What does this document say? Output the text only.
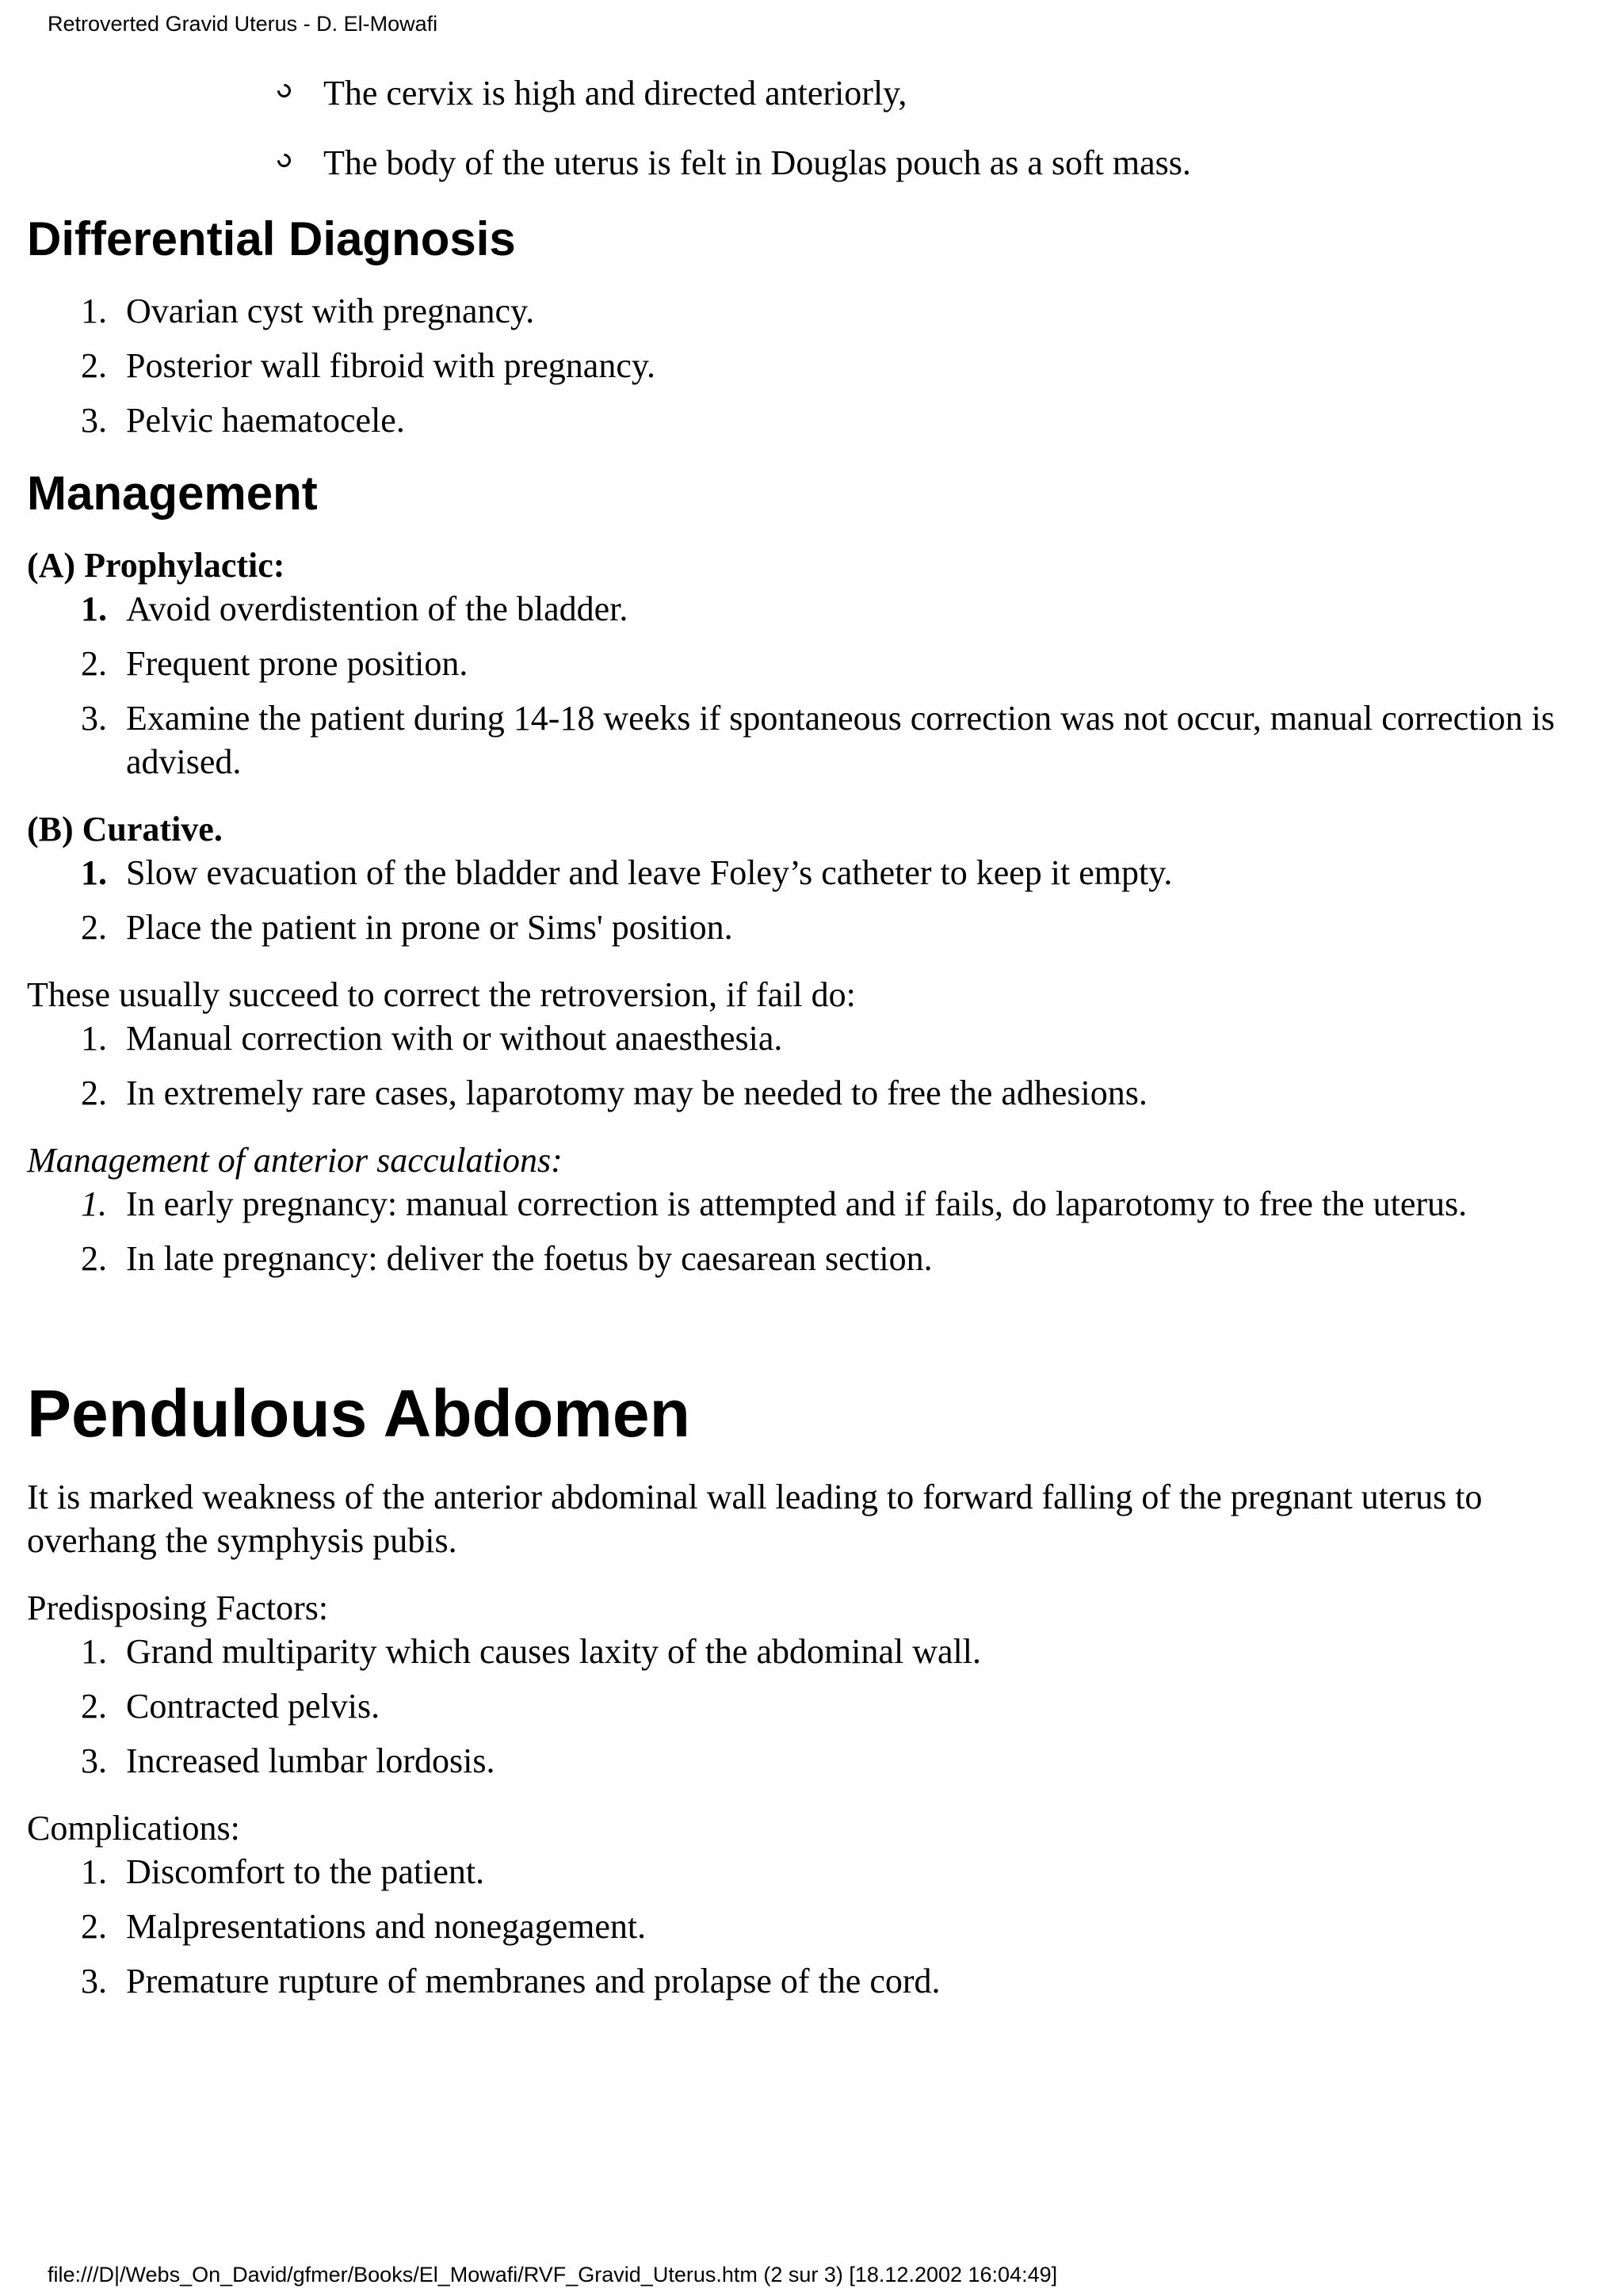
Retroverted Gravid Uterus - D. El-Mowafi
The cervix is high and directed anteriorly,
The body of the uterus is felt in Douglas pouch as a soft mass.
Differential Diagnosis
1. Ovarian cyst with pregnancy.
2. Posterior wall fibroid with pregnancy.
3. Pelvic haematocele.
Management

(A) Prophylactic:

1. Avoid overdistention of the bladder.
2. Frequent prone position.
3. Examine the patient during 14-18 weeks if spontaneous correction was not occur, manual correction is advised.

(B) Curative.

1. Slow evacuation of the bladder and leave Foley’s catheter to keep it empty.
2. Place the patient in prone or Sims' position.

These usually succeed to correct the retroversion, if fail do:

1. Manual correction with or without anaesthesia.
2. In extremely rare cases, laparotomy may be needed to free the adhesions.

Management of anterior sacculations:

1. In early pregnancy: manual correction is attempted and if fails, do laparotomy to free the uterus.
2. In late pregnancy: deliver the foetus by caesarean section.
Pendulous Abdomen

It is marked weakness of the anterior abdominal wall leading to forward falling of the pregnant uterus to overhang the symphysis pubis.

Predisposing Factors:

1. Grand multiparity which causes laxity of the abdominal wall.
2. Contracted pelvis.
3. Increased lumbar lordosis.

Complications:

1. Discomfort to the patient.
2. Malpresentations and nonegagement.
3. Premature rupture of membranes and prolapse of the cord.
file:///D|/Webs_On_David/gfmer/Books/El_Mowafi/RVF_Gravid_Uterus.htm (2 sur 3) [18.12.2002 16:04:49]
